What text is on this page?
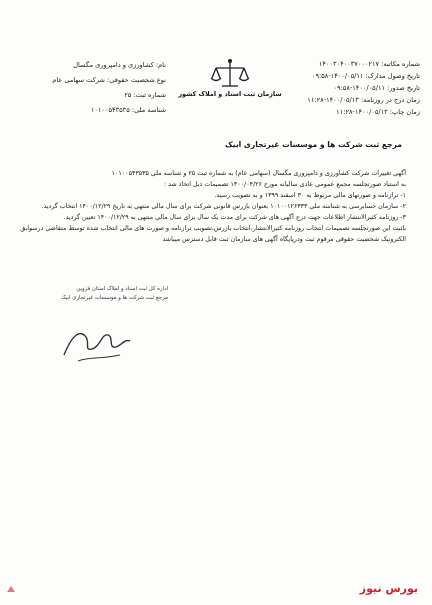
شماره مکاتبه: ۱۴۰۰۳۰۴۰۰۳۷۰۰۰۲۱۷
تاریخ وصول مدارک: ۱۴۰۰/۰۵/۱۱-۰۹:۵۸
تاریخ صدور: ۱۴۰۰/۰۵/۱۱-۰۹:۵۸
زمان درج در روزنامه: ۱۴۰۰/۰۵/۱۳-۱۱:۲۸
زمان چاپ: ۱۴۰۰/۰۵/۱۳-۱۱:۲۸
سازمان ثبت اسناد و املاک کشور
نام: کشاورزی و دامپروری مگسال
نوع شخصیت حقوقی: شرکت سهامی عام
شماره ثبت: ۲۵
شناسه ملی: ۱۰۱۰۰۵۴۳۵۳۵
مرجع ثبت شرکت ها و موسسات غیرتجاری ابیک

آگهی تغییرات شرکت کشاورزی و دامپروری مگسال (سهامی عام) به شماره ثبت ۲۵ و شناسه ملی ۱۰۱۰۰۵۴۳۵۳۵

به استناد صورتجلسه مجمع عمومی عادی سالیانه مورخ ۱۴۰۰/۰۴/۲۶ تصمیمات ذیل اتخاذ شد :

۱- ترازنامه و صورتهای مالی مربوط به ۳۰ اسفند ۱۳۹۹ و به تصویب رسید.

۲- سازمان حسابرسی به شناسه ملی ۱۰۱۰۰۱۲۶۳۳۳ بعنوان بازرس قانونی شرکت برای سال مالی منتهی به تاریخ ۱۴۰۰/۱۲/۲۹ انتخاب گردید.

۳- روزنامه کثیرالانتشار اطلاعات جهت درج آگهی های شرکت برای مدت یک سال برای سال مالی منتهی به ۱۴۰۰/۱۲/۲۹ تعیین گردید.

باثبت این صورتجلسه تصمیمات انتخاب روزنامه کثیرالانتشار،انتخاب بازرس،تصویب ترازنامه و صورت های مالی انتخاب شده توسط متقاضی درسوابق

الکترونیک شخصیت حقوقی مرقوم ثبت ودرپایگاه آگهی های سازمان ثبت قابل دسترس میباشد

اداره کل ثبت اسناد و املاک استان قزوین
مرجع ثبت شرکت ها و موسسات غیرتجاری ابیک
بورس نیوز
